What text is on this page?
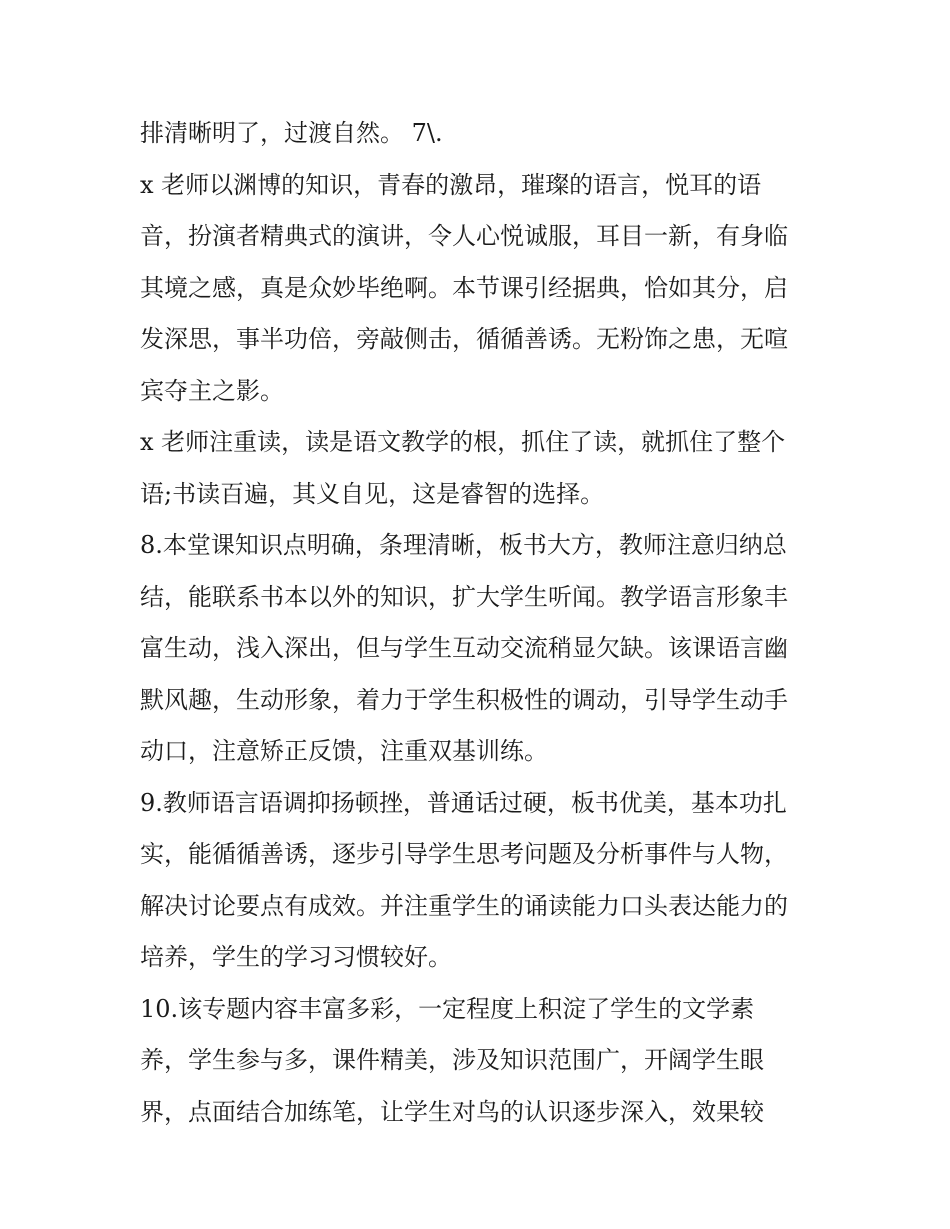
排清晰明了，过渡自然。 7\.
x 老师以渊博的知识，青春的激昂，璀璨的语言，悦耳的语
音，扮演者精典式的演讲，令人心悦诚服，耳目一新，有身临
其境之感，真是众妙毕绝啊。本节课引经据典，恰如其分，启
发深思，事半功倍，旁敲侧击，循循善诱。无粉饰之患，无喧
宾夺主之影。
x 老师注重读，读是语文教学的根，抓住了读，就抓住了整个
语;书读百遍，其义自见，这是睿智的选择。
8.本堂课知识点明确，条理清晰，板书大方，教师注意归纳总
结，能联系书本以外的知识，扩大学生听闻。教学语言形象丰
富生动，浅入深出，但与学生互动交流稍显欠缺。该课语言幽
默风趣，生动形象，着力于学生积极性的调动，引导学生动手
动口，注意矫正反馈，注重双基训练。
9.教师语言语调抑扬顿挫，普通话过硬，板书优美，基本功扎
实，能循循善诱，逐步引导学生思考问题及分析事件与人物，
解决讨论要点有成效。并注重学生的诵读能力口头表达能力的
培养，学生的学习习惯较好。
10.该专题内容丰富多彩，一定程度上积淀了学生的文学素
养，学生参与多，课件精美，涉及知识范围广，开阔学生眼
界，点面结合加练笔，让学生对鸟的认识逐步深入，效果较
